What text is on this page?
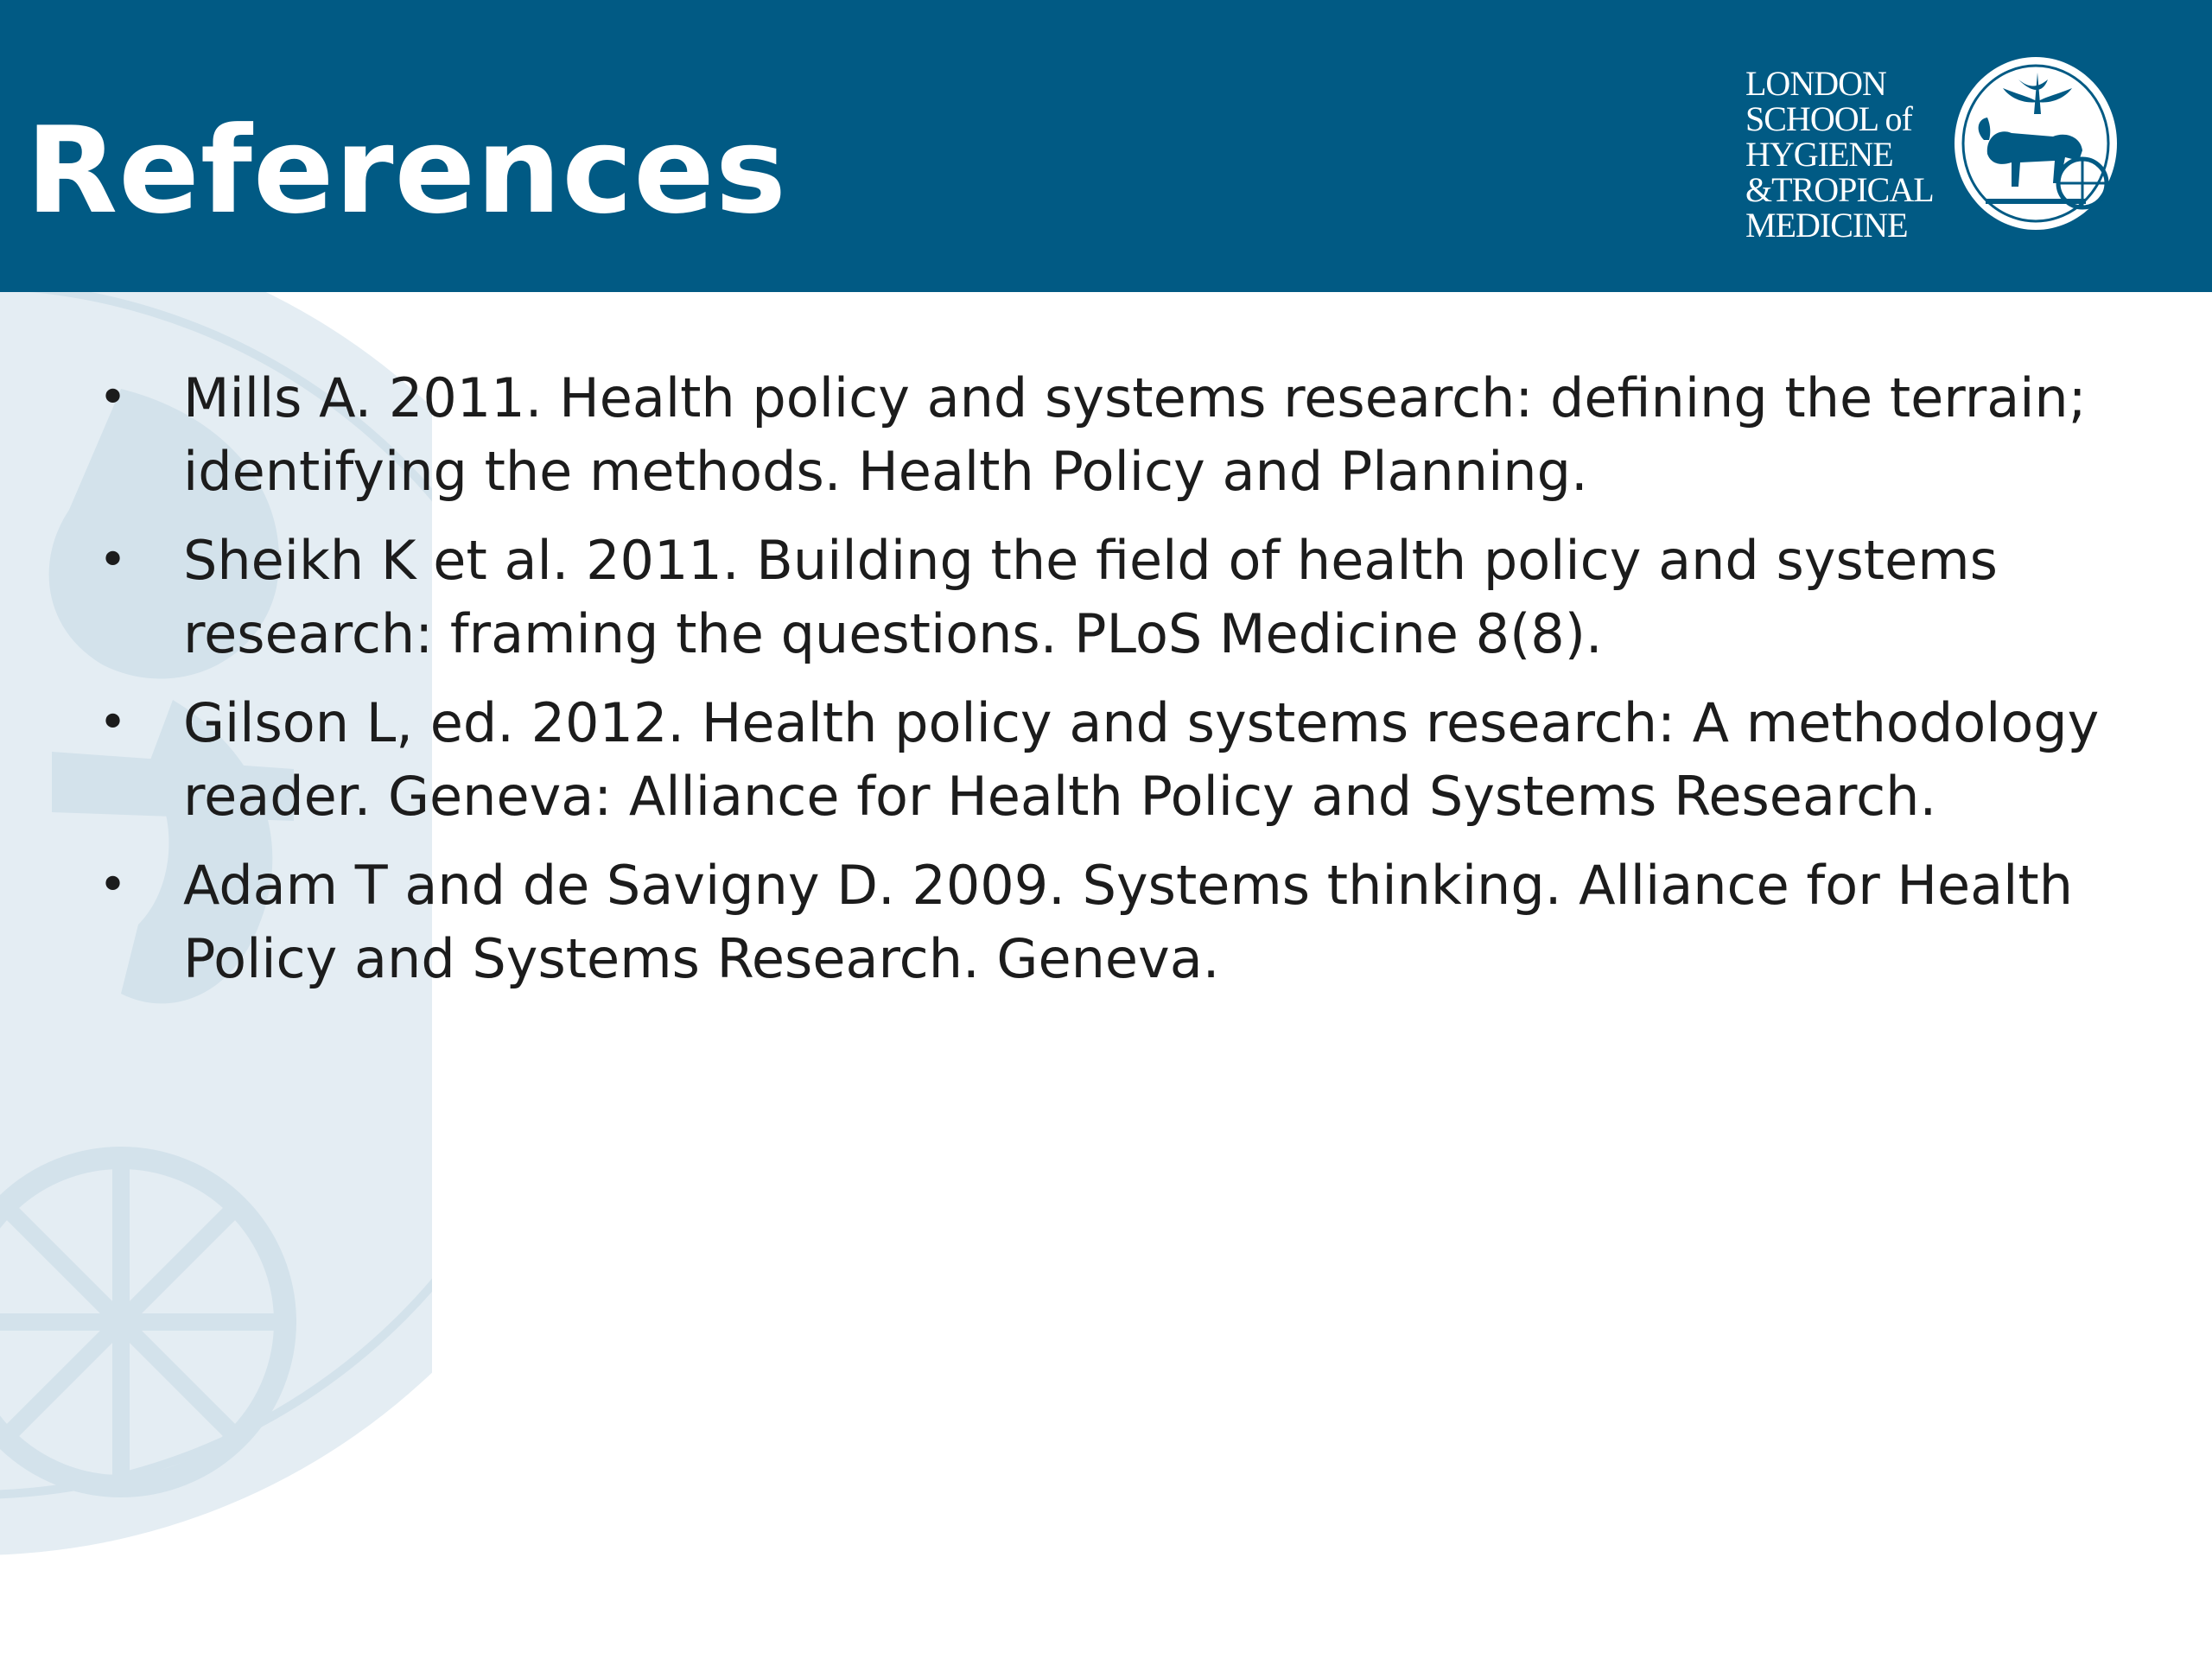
References
LONDON
SCHOOL of
HYGIENE
&TROPICAL
MEDICINE
• Mills A. 2011. Health policy and systems research: defining the terrain; identifying the methods. Health Policy and Planning.
• Sheikh K et al. 2011. Building the field of health policy and systems research: framing the questions. PLoS Medicine 8(8).
• Gilson L, ed. 2012. Health policy and systems research: A methodology reader. Geneva: Alliance for Health Policy and Systems Research.
• Adam T and de Savigny D. 2009. Systems thinking. Alliance for Health Policy and Systems Research. Geneva.
